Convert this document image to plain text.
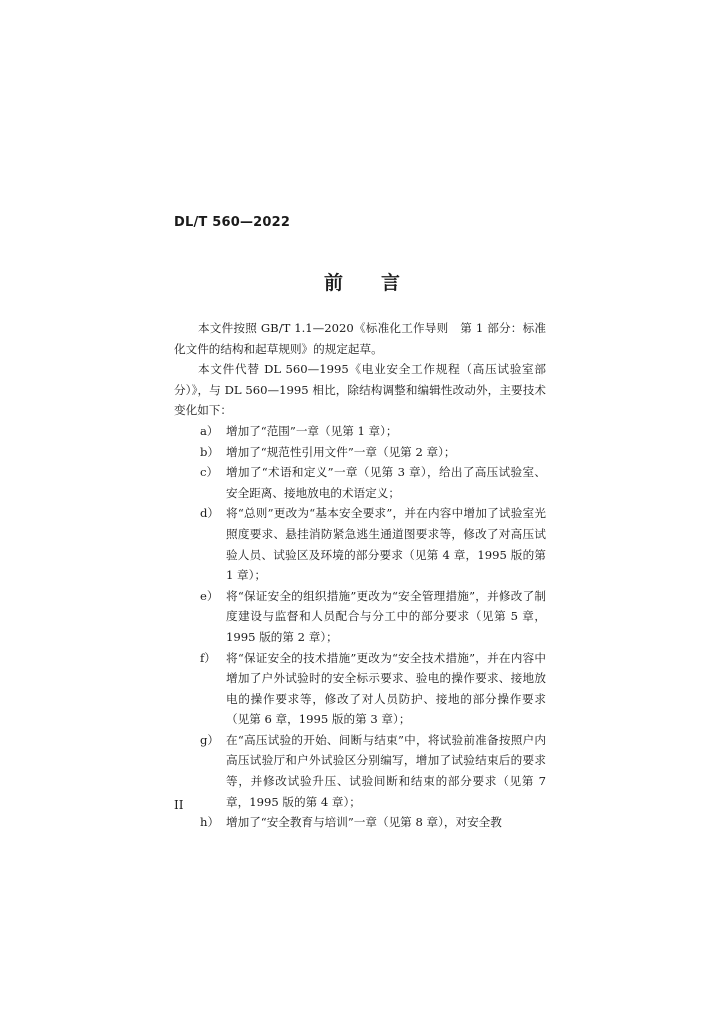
DL/T 560—2022
前 言

本文件按照 GB/T 1.1—2020《标准化工作导则　第 1 部分：标准化文件的结构和起草规则》的规定起草。

本文件代替 DL 560—1995《电业安全工作规程（高压试验室部分）》，与 DL 560—1995 相比，除结构调整和编辑性改动外，主要技术变化如下：

a） 增加了“范围”一章（见第 1 章）；
b） 增加了“规范性引用文件”一章（见第 2 章）；
c） 增加了“术语和定义”一章（见第 3 章），给出了高压试验室、安全距离、接地放电的术语定义；
d） 将“总则”更改为“基本安全要求”，并在内容中增加了试验室光照度要求、悬挂消防紧急逃生通道图要求等，修改了对高压试验人员、试验区及环境的部分要求（见第 4 章，1995 版的第 1 章）；
e） 将“保证安全的组织措施”更改为“安全管理措施”，并修改了制度建设与监督和人员配合与分工中的部分要求（见第 5 章，1995 版的第 2 章）；
f） 将“保证安全的技术措施”更改为“安全技术措施”，并在内容中增加了户外试验时的安全标示要求、验电的操作要求、接地放电的操作要求等，修改了对人员防护、接地的部分操作要求（见第 6 章，1995 版的第 3 章）；
g） 在“高压试验的开始、间断与结束”中，将试验前准备按照户内高压试验厅和户外试验区分别编写，增加了试验结束后的要求等，并修改试验升压、试验间断和结束的部分要求（见第 7 章，1995 版的第 4 章）；
h） 增加了“安全教育与培训”一章（见第 8 章），对安全教
II
